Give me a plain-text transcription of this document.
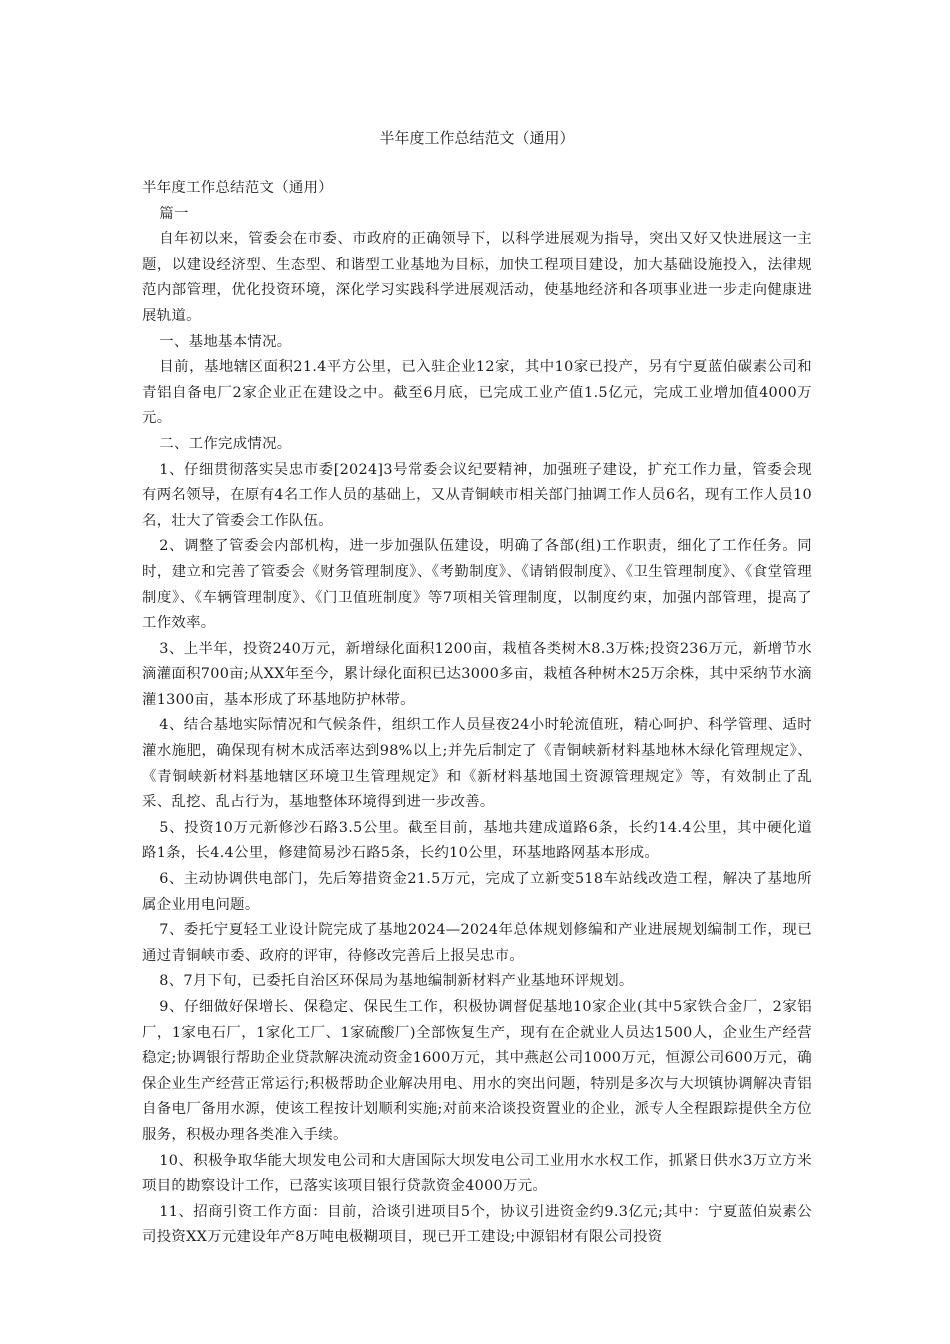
半年度工作总结范文（通用）

半年度工作总结范文（通用）

篇一

自年初以来，管委会在市委、市政府的正确领导下，以科学进展观为指导，突出又好又快进展这一主题，以建设经济型、生态型、和谐型工业基地为目标，加快工程项目建设，加大基础设施投入，法律规范内部管理，优化投资环境，深化学习实践科学进展观活动，使基地经济和各项事业进一步走向健康进展轨道。

一、基地基本情况。

目前，基地辖区面积21.4平方公里，已入驻企业12家，其中10家已投产，另有宁夏蓝伯碳素公司和青铝自备电厂2家企业正在建设之中。截至6月底，已完成工业产值1.5亿元，完成工业增加值4000万元。

二、工作完成情况。

1、仔细贯彻落实吴忠市委[2024]3号常委会议纪要精神，加强班子建设，扩充工作力量，管委会现有两名领导，在原有4名工作人员的基础上，又从青铜峡市相关部门抽调工作人员6名，现有工作人员10名，壮大了管委会工作队伍。

2、调整了管委会内部机构，进一步加强队伍建设，明确了各部(组)工作职责，细化了工作任务。同时，建立和完善了管委会《财务管理制度》、《考勤制度》、《请销假制度》、《卫生管理制度》、《食堂管理制度》、《车辆管理制度》、《门卫值班制度》等7项相关管理制度，以制度约束，加强内部管理，提高了工作效率。

3、上半年，投资240万元，新增绿化面积1200亩，栽植各类树木8.3万株;投资236万元，新增节水滴灌面积700亩;从XX年至今，累计绿化面积已达3000多亩，栽植各种树木25万余株，其中采纳节水滴灌1300亩，基本形成了环基地防护林带。

4、结合基地实际情况和气候条件，组织工作人员昼夜24小时轮流值班，精心呵护、科学管理、适时灌水施肥，确保现有树木成活率达到98%以上;并先后制定了《青铜峡新材料基地林木绿化管理规定》、《青铜峡新材料基地辖区环境卫生管理规定》和《新材料基地国土资源管理规定》等，有效制止了乱采、乱挖、乱占行为，基地整体环境得到进一步改善。

5、投资10万元新修沙石路3.5公里。截至目前，基地共建成道路6条，长约14.4公里，其中硬化道路1条，长4.4公里，修建简易沙石路5条，长约10公里，环基地路网基本形成。

6、主动协调供电部门，先后筹措资金21.5万元，完成了立新变518车站线改造工程，解决了基地所属企业用电问题。

7、委托宁夏轻工业设计院完成了基地2024—2024年总体规划修编和产业进展规划编制工作，现已通过青铜峡市委、政府的评审，待修改完善后上报吴忠市。

8、7月下旬，已委托自治区环保局为基地编制新材料产业基地环评规划。

9、仔细做好保增长、保稳定、保民生工作，积极协调督促基地10家企业(其中5家铁合金厂，2家铝厂，1家电石厂，1家化工厂、1家硫酸厂)全部恢复生产，现有在企就业人员达1500人，企业生产经营稳定;协调银行帮助企业贷款解决流动资金1600万元，其中燕赵公司1000万元，恒源公司600万元，确保企业生产经营正常运行;积极帮助企业解决用电、用水的突出问题，特别是多次与大坝镇协调解决青铝自备电厂备用水源，使该工程按计划顺利实施;对前来洽谈投资置业的企业，派专人全程跟踪提供全方位服务，积极办理各类准入手续。

10、积极争取华能大坝发电公司和大唐国际大坝发电公司工业用水水权工作，抓紧日供水3万立方米项目的勘察设计工作，已落实该项目银行贷款资金4000万元。

11、招商引资工作方面：目前，洽谈引进项目5个，协议引进资金约9.3亿元;其中：宁夏蓝伯炭素公司投资XX万元建设年产8万吨电极糊项目，现已开工建设;中源铝材有限公司投资
